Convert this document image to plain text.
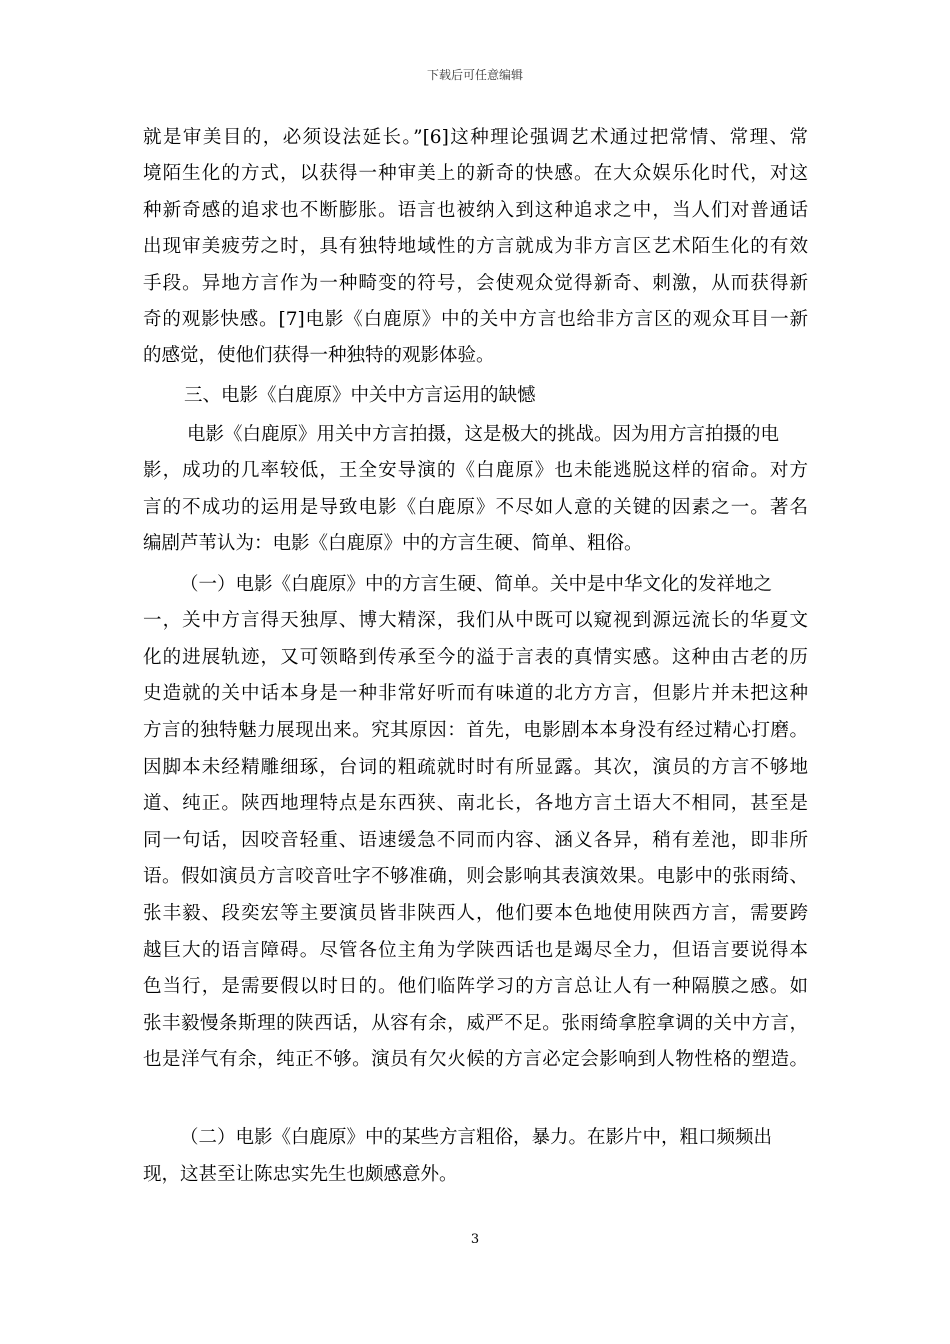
下载后可任意编辑
就是审美目的，必须设法延长。”[6]这种理论强调艺术通过把常情、常理、常
境陌生化的方式，以获得一种审美上的新奇的快感。在大众娱乐化时代，对这
种新奇感的追求也不断膨胀。语言也被纳入到这种追求之中，当人们对普通话
出现审美疲劳之时，具有独特地域性的方言就成为非方言区艺术陌生化的有效
手段。异地方言作为一种畸变的符号，会使观众觉得新奇、刺激，从而获得新
奇的观影快感。[7]电影《白鹿原》中的关中方言也给非方言区的观众耳目一新
的感觉，使他们获得一种独特的观影体验。
三、电影《白鹿原》中关中方言运用的缺憾
电影《白鹿原》用关中方言拍摄，这是极大的挑战。因为用方言拍摄的电
影，成功的几率较低，王全安导演的《白鹿原》也未能逃脱这样的宿命。对方
言的不成功的运用是导致电影《白鹿原》不尽如人意的关键的因素之一。著名
编剧芦苇认为：电影《白鹿原》中的方言生硬、简单、粗俗。
（一）电影《白鹿原》中的方言生硬、简单。关中是中华文化的发祥地之
一，关中方言得天独厚、博大精深，我们从中既可以窥视到源远流长的华夏文
化的进展轨迹，又可领略到传承至今的溢于言表的真情实感。这种由古老的历
史造就的关中话本身是一种非常好听而有味道的北方方言，但影片并未把这种
方言的独特魅力展现出来。究其原因：首先，电影剧本本身没有经过精心打磨。
因脚本未经精雕细琢，台词的粗疏就时时有所显露。其次，演员的方言不够地
道、纯正。陕西地理特点是东西狭、南北长，各地方言土语大不相同，甚至是
同一句话，因咬音轻重、语速缓急不同而内容、涵义各异，稍有差池，即非所
语。假如演员方言咬音吐字不够准确，则会影响其表演效果。电影中的张雨绮、
张丰毅、段奕宏等主要演员皆非陕西人，他们要本色地使用陕西方言，需要跨
越巨大的语言障碍。尽管各位主角为学陕西话也是竭尽全力，但语言要说得本
色当行，是需要假以时日的。他们临阵学习的方言总让人有一种隔膜之感。如
张丰毅慢条斯理的陕西话，从容有余，威严不足。张雨绮拿腔拿调的关中方言，
也是洋气有余，纯正不够。演员有欠火候的方言必定会影响到人物性格的塑造。
（二）电影《白鹿原》中的某些方言粗俗，暴力。在影片中，粗口频频出
现，这甚至让陈忠实先生也颇感意外。
3
